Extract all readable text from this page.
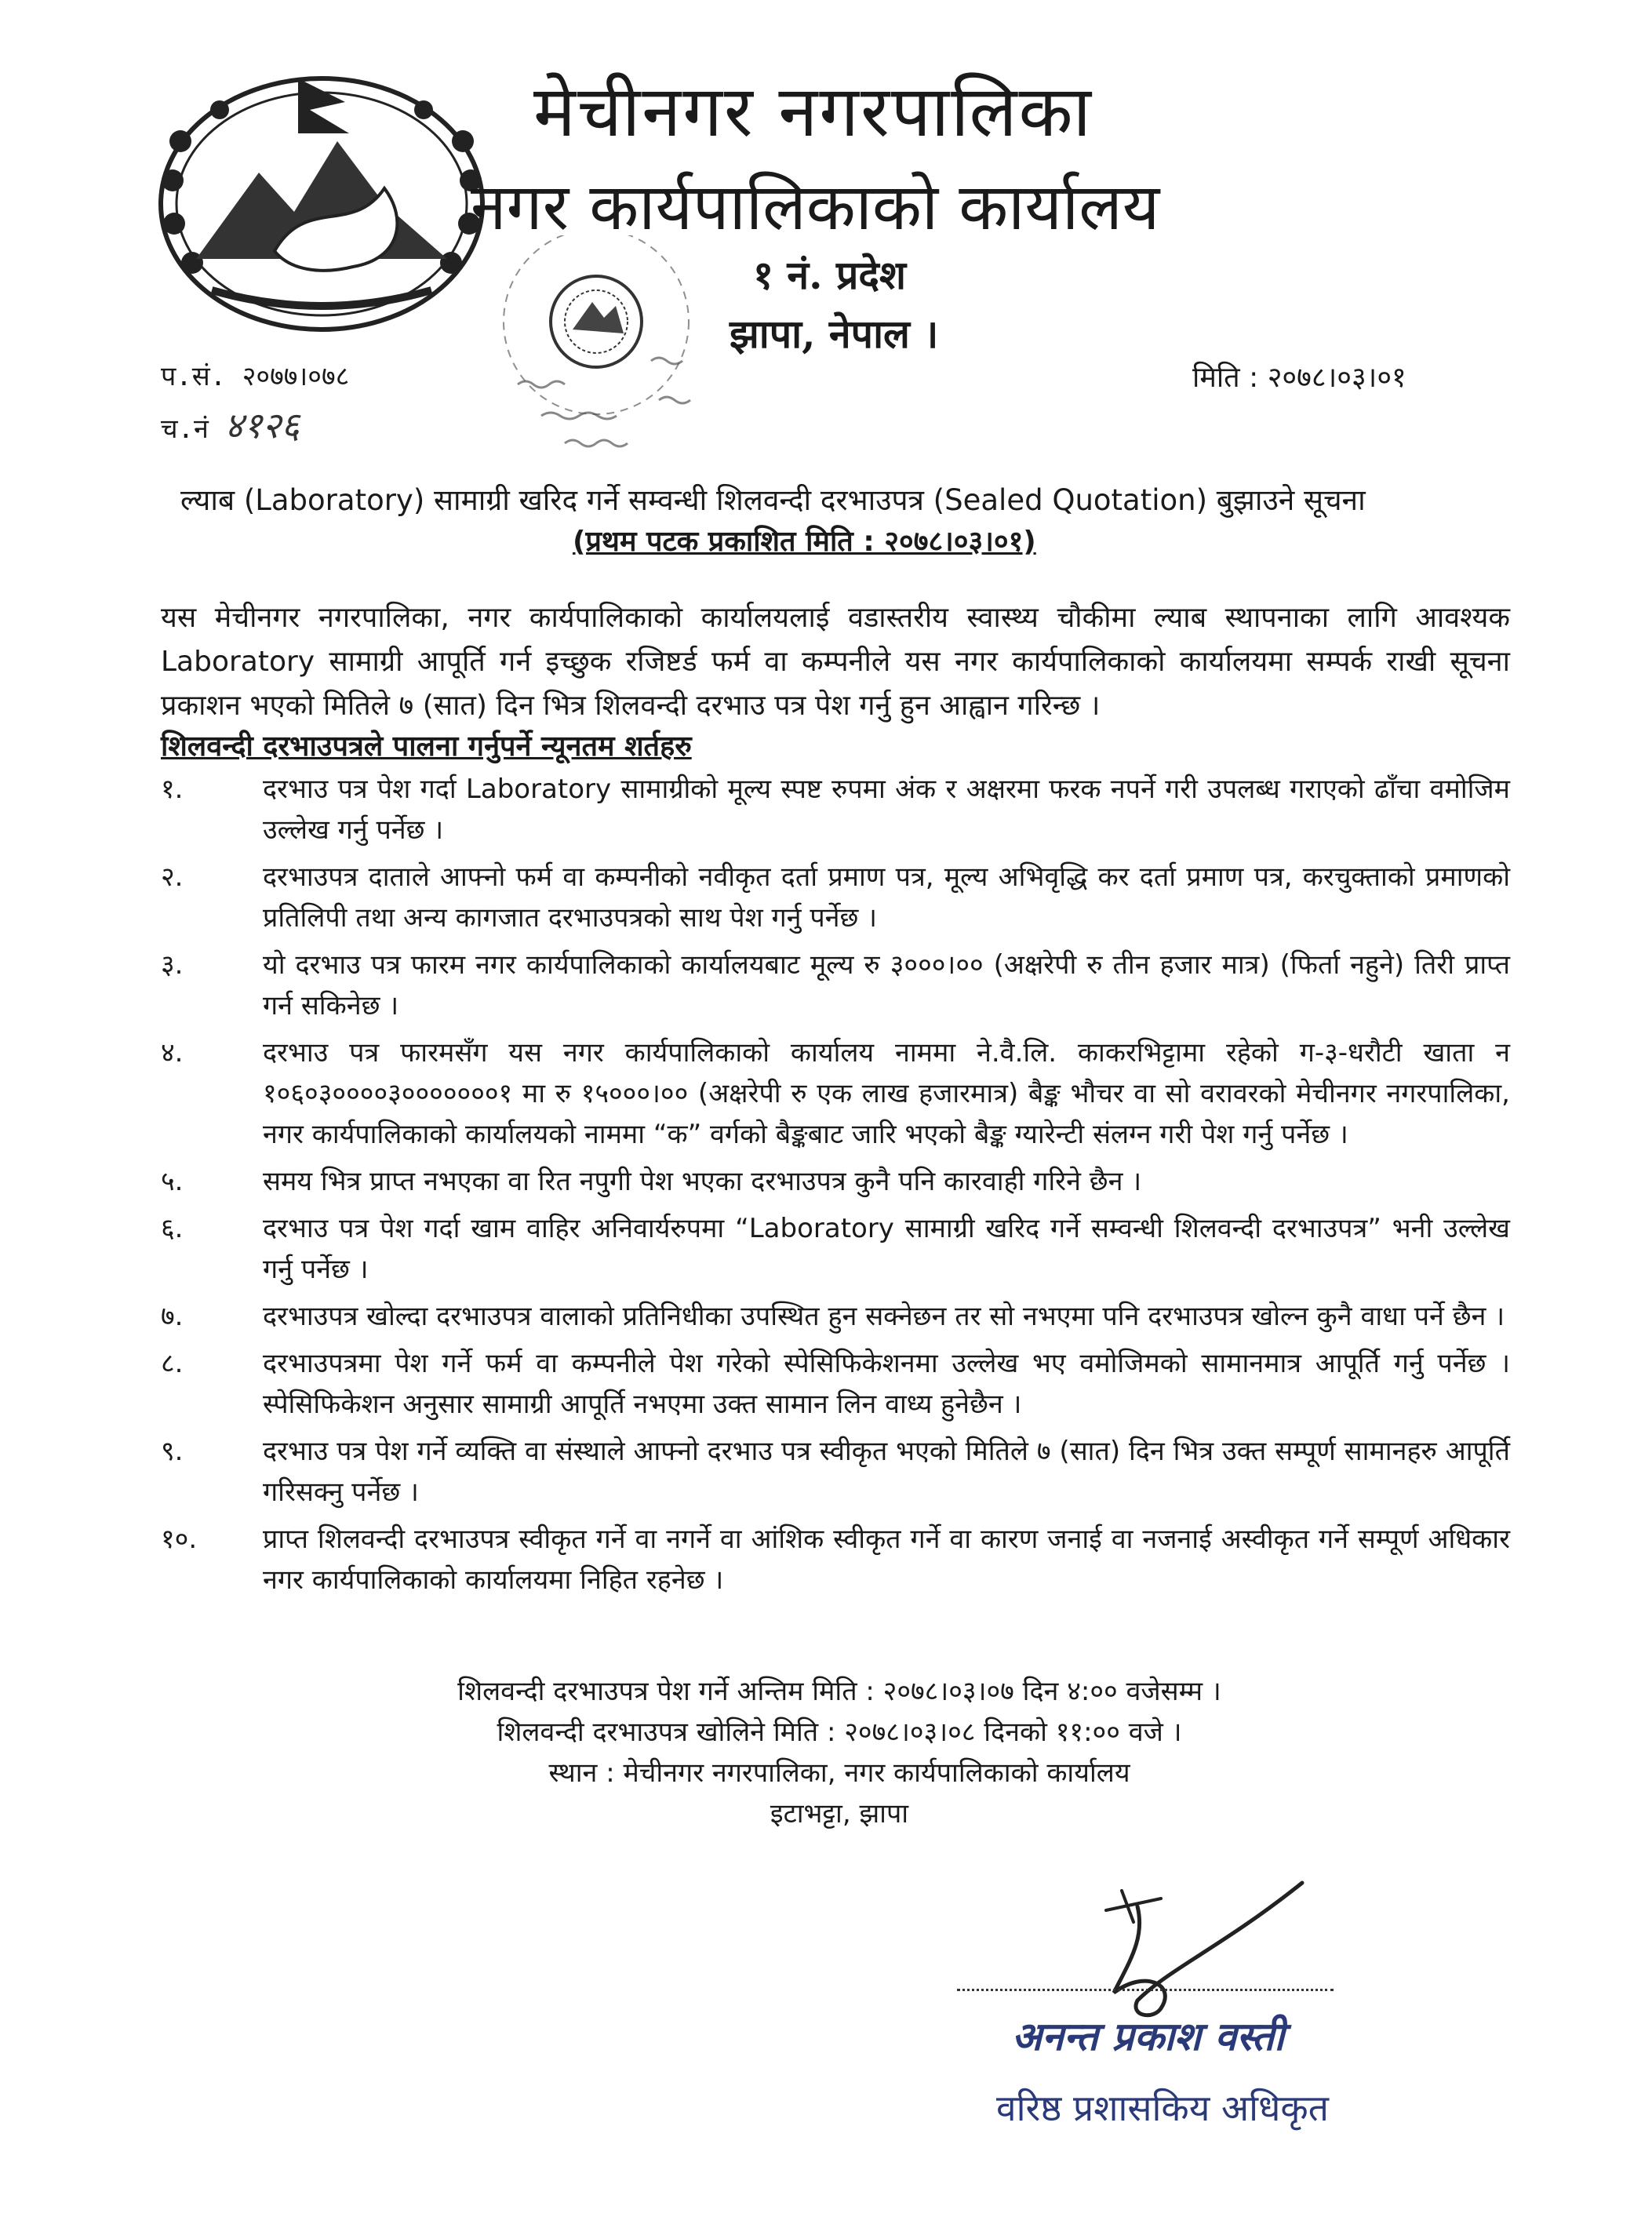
मेचीनगर नगरपालिका
नगर कार्यपालिकाको कार्यालय
१ नं. प्रदेश
झापा, नेपाल ।
प.सं. २०७७।०७८
च.नं ४१२६
मिति : २०७८।०३।०१
ल्याब (Laboratory) सामाग्री खरिद गर्ने सम्वन्धी शिलवन्दी दरभाउपत्र (Sealed Quotation) बुझाउने सूचना
(प्रथम पटक प्रकाशित मिति : २०७८।०३।०१)
यस मेचीनगर नगरपालिका, नगर कार्यपालिकाको कार्यालयलाई वडास्तरीय स्वास्थ्य चौकीमा ल्याब स्थापनाका लागि आवश्यक Laboratory सामाग्री आपूर्ति गर्न इच्छुक रजिष्टर्ड फर्म वा कम्पनीले यस नगर कार्यपालिकाको कार्यालयमा सम्पर्क राखी सूचना प्रकाशन भएको मितिले ७ (सात) दिन भित्र शिलवन्दी दरभाउ पत्र पेश गर्नु हुन आह्वान गरिन्छ ।
शिलवन्दी दरभाउपत्रले पालना गर्नुपर्ने न्यूनतम शर्तहरु
१.	दरभाउ पत्र पेश गर्दा Laboratory सामाग्रीको मूल्य स्पष्ट रुपमा अंक र अक्षरमा फरक नपर्ने गरी उपलब्ध गराएको ढाँचा वमोजिम उल्लेख गर्नु पर्नेछ ।
२.	दरभाउपत्र दाताले आफ्नो फर्म वा कम्पनीको नवीकृत दर्ता प्रमाण पत्र, मूल्य अभिवृद्धि कर दर्ता प्रमाण पत्र, करचुक्ताको प्रमाणको प्रतिलिपी तथा अन्य कागजात दरभाउपत्रको साथ पेश गर्नु पर्नेछ ।
३.	यो दरभाउ पत्र फारम नगर कार्यपालिकाको कार्यालयबाट मूल्य रु ३०००।०० (अक्षरेपी रु तीन हजार मात्र) (फिर्ता नहुने) तिरी प्राप्त गर्न सकिनेछ ।
४.	दरभाउ पत्र फारमसँग यस नगर कार्यपालिकाको कार्यालय नाममा ने.वै.लि. काकरभिट्टामा रहेको ग-३-धरौटी खाता न १०६०३००००३०००००००१ मा रु १५०००।०० (अक्षरेपी रु एक लाख हजारमात्र) बैङ्क भौचर वा सो वरावरको मेचीनगर नगरपालिका, नगर कार्यपालिकाको कार्यालयको नाममा “क” वर्गको बैङ्कबाट जारि भएको बैङ्क ग्यारेन्टी संलग्न गरी पेश गर्नु पर्नेछ ।
५.	समय भित्र प्राप्त नभएका वा रित नपुगी पेश भएका दरभाउपत्र कुनै पनि कारवाही गरिने छैन ।
६.	दरभाउ पत्र पेश गर्दा खाम वाहिर अनिवार्यरुपमा “Laboratory सामाग्री खरिद गर्ने सम्वन्धी शिलवन्दी दरभाउपत्र” भनी उल्लेख गर्नु पर्नेछ ।
७.	दरभाउपत्र खोल्दा दरभाउपत्र वालाको प्रतिनिधीका उपस्थित हुन सक्नेछन तर सो नभएमा पनि दरभाउपत्र खोल्न कुनै वाधा पर्ने छैन ।
८.	दरभाउपत्रमा पेश गर्ने फर्म वा कम्पनीले पेश गरेको स्पेसिफिकेशनमा उल्लेख भए वमोजिमको सामानमात्र आपूर्ति गर्नु पर्नेछ । स्पेसिफिकेशन अनुसार सामाग्री आपूर्ति नभएमा उक्त सामान लिन वाध्य हुनेछैन ।
९.	दरभाउ पत्र पेश गर्ने व्यक्ति वा संस्थाले आफ्नो दरभाउ पत्र स्वीकृत भएको मितिले ७ (सात) दिन भित्र उक्त सम्पूर्ण सामानहरु आपूर्ति गरिसक्नु पर्नेछ ।
१०.	प्राप्त शिलवन्दी दरभाउपत्र स्वीकृत गर्ने वा नगर्ने वा आंशिक स्वीकृत गर्ने वा कारण जनाई वा नजनाई अस्वीकृत गर्ने सम्पूर्ण अधिकार नगर कार्यपालिकाको कार्यालयमा निहित रहनेछ ।
शिलवन्दी दरभाउपत्र पेश गर्ने अन्तिम मिति : २०७८।०३।०७ दिन ४:०० वजेसम्म ।
शिलवन्दी दरभाउपत्र खोलिने मिति : २०७८।०३।०८ दिनको ११:०० वजे ।
स्थान : मेचीनगर नगरपालिका, नगर कार्यपालिकाको कार्यालय
इटाभट्टा, झापा
अनन्त प्रकाश वस्ती
वरिष्ठ प्रशासकिय अधिकृत
